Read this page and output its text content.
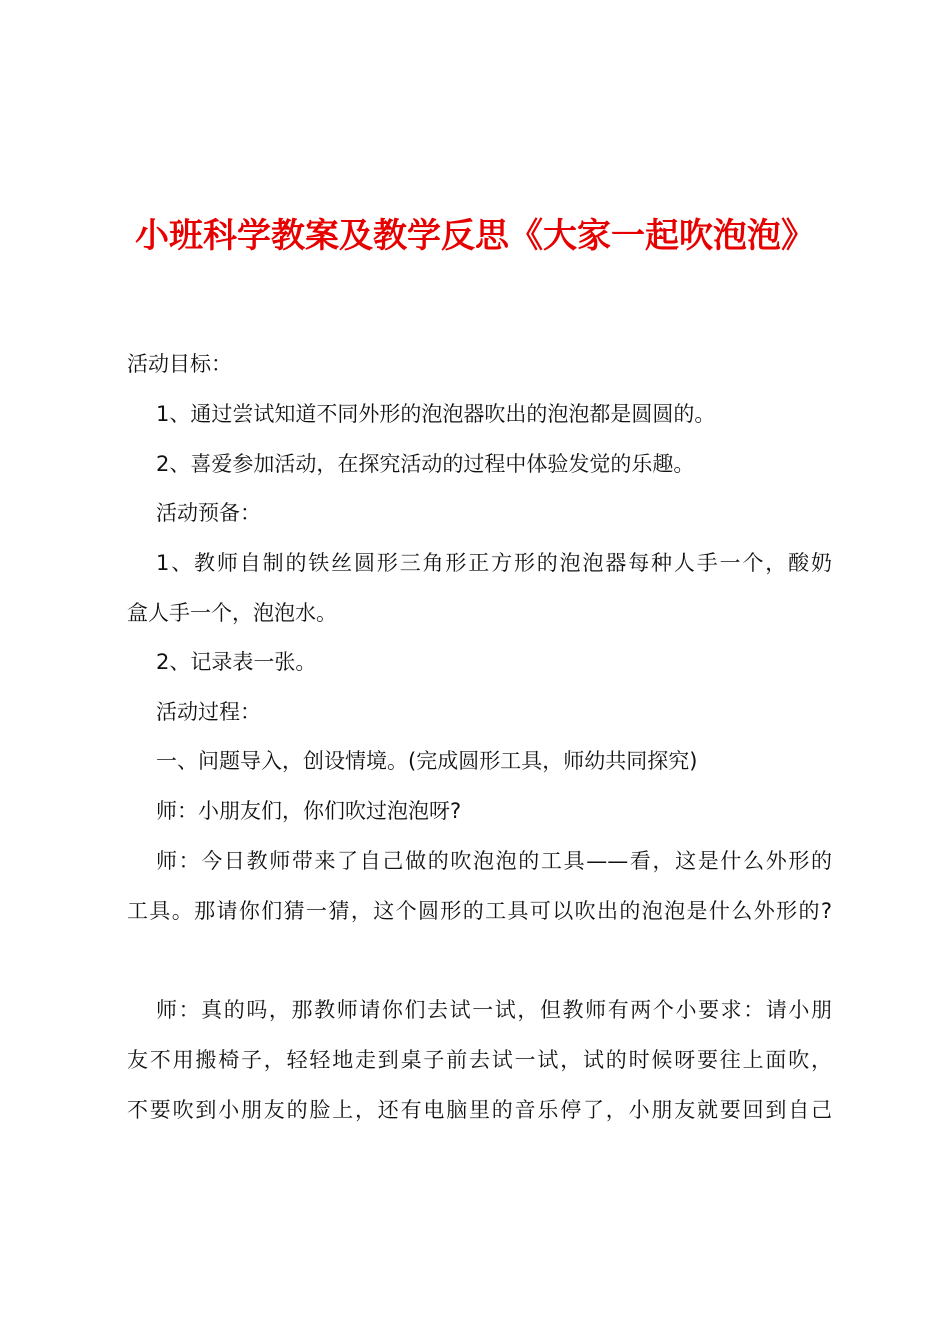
小班科学教案及教学反思《大家一起吹泡泡》

活动目标：

1、通过尝试知道不同外形的泡泡器吹出的泡泡都是圆圆的。

2、喜爱参加活动，在探究活动的过程中体验发觉的乐趣。

活动预备：

1、教师自制的铁丝圆形三角形正方形的泡泡器每种人手一个，酸奶

盒人手一个，泡泡水。

2、记录表一张。

活动过程：

一、问题导入，创设情境。(完成圆形工具，师幼共同探究)

师：小朋友们，你们吹过泡泡呀?

师：今日教师带来了自己做的吹泡泡的工具——看，这是什么外形的

工具。那请你们猜一猜，这个圆形的工具可以吹出的泡泡是什么外形的?

师：真的吗，那教师请你们去试一试，但教师有两个小要求：请小朋

友不用搬椅子，轻轻地走到桌子前去试一试，试的时候呀要往上面吹，

不要吹到小朋友的脸上，还有电脑里的音乐停了，小朋友就要回到自己
